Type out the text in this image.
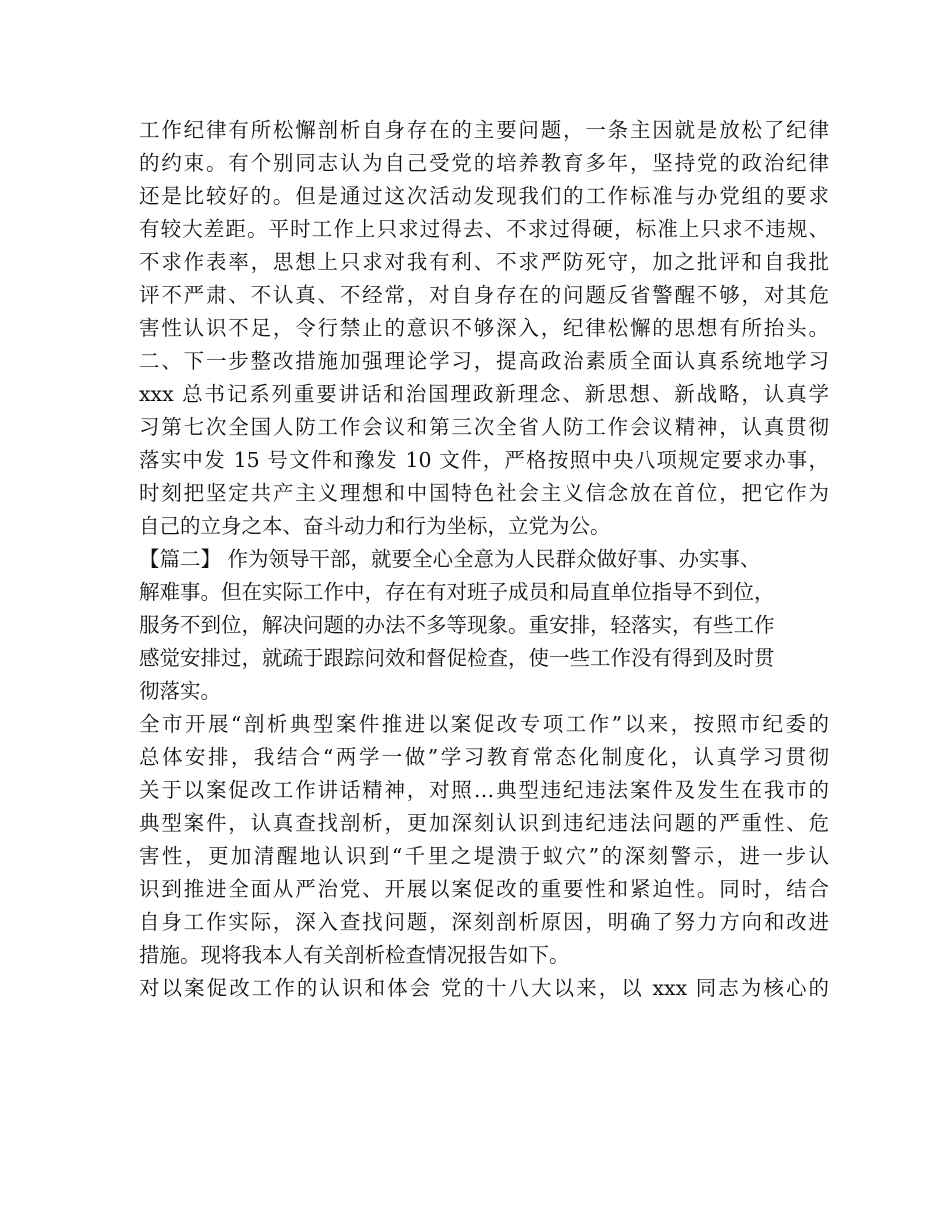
工作纪律有所松懈剖析自身存在的主要问题，一条主因就是放松了纪律
的约束。有个别同志认为自己受党的培养教育多年，坚持党的政治纪律
还是比较好的。但是通过这次活动发现我们的工作标准与办党组的要求
有较大差距。平时工作上只求过得去、不求过得硬，标准上只求不违规、
不求作表率，思想上只求对我有利、不求严防死守，加之批评和自我批
评不严肃、不认真、不经常，对自身存在的问题反省警醒不够，对其危
害性认识不足，令行禁止的意识不够深入，纪律松懈的思想有所抬头。
二、下一步整改措施加强理论学习，提高政治素质全面认真系统地学习
xxx 总书记系列重要讲话和治国理政新理念、新思想、新战略，认真学
习第七次全国人防工作会议和第三次全省人防工作会议精神，认真贯彻
落实中发 15 号文件和豫发 10 文件，严格按照中央八项规定要求办事，
时刻把坚定共产主义理想和中国特色社会主义信念放在首位，把它作为
自己的立身之本、奋斗动力和行为坐标，立党为公。
【篇二】 作为领导干部，就要全心全意为人民群众做好事、办实事、
解难事。但在实际工作中，存在有对班子成员和局直单位指导不到位，
服务不到位，解决问题的办法不多等现象。重安排，轻落实，有些工作
感觉安排过，就疏于跟踪问效和督促检查，使一些工作没有得到及时贯
彻落实。
全市开展“剖析典型案件推进以案促改专项工作”以来，按照市纪委的
总体安排，我结合“两学一做”学习教育常态化制度化，认真学习贯彻
关于以案促改工作讲话精神，对照…典型违纪违法案件及发生在我市的
典型案件，认真查找剖析，更加深刻认识到违纪违法问题的严重性、危
害性，更加清醒地认识到“千里之堤溃于蚁穴”的深刻警示，进一步认
识到推进全面从严治党、开展以案促改的重要性和紧迫性。同时，结合
自身工作实际，深入查找问题，深刻剖析原因，明确了努力方向和改进
措施。现将我本人有关剖析检查情况报告如下。
对以案促改工作的认识和体会 党的十八大以来，以 xxx 同志为核心的
